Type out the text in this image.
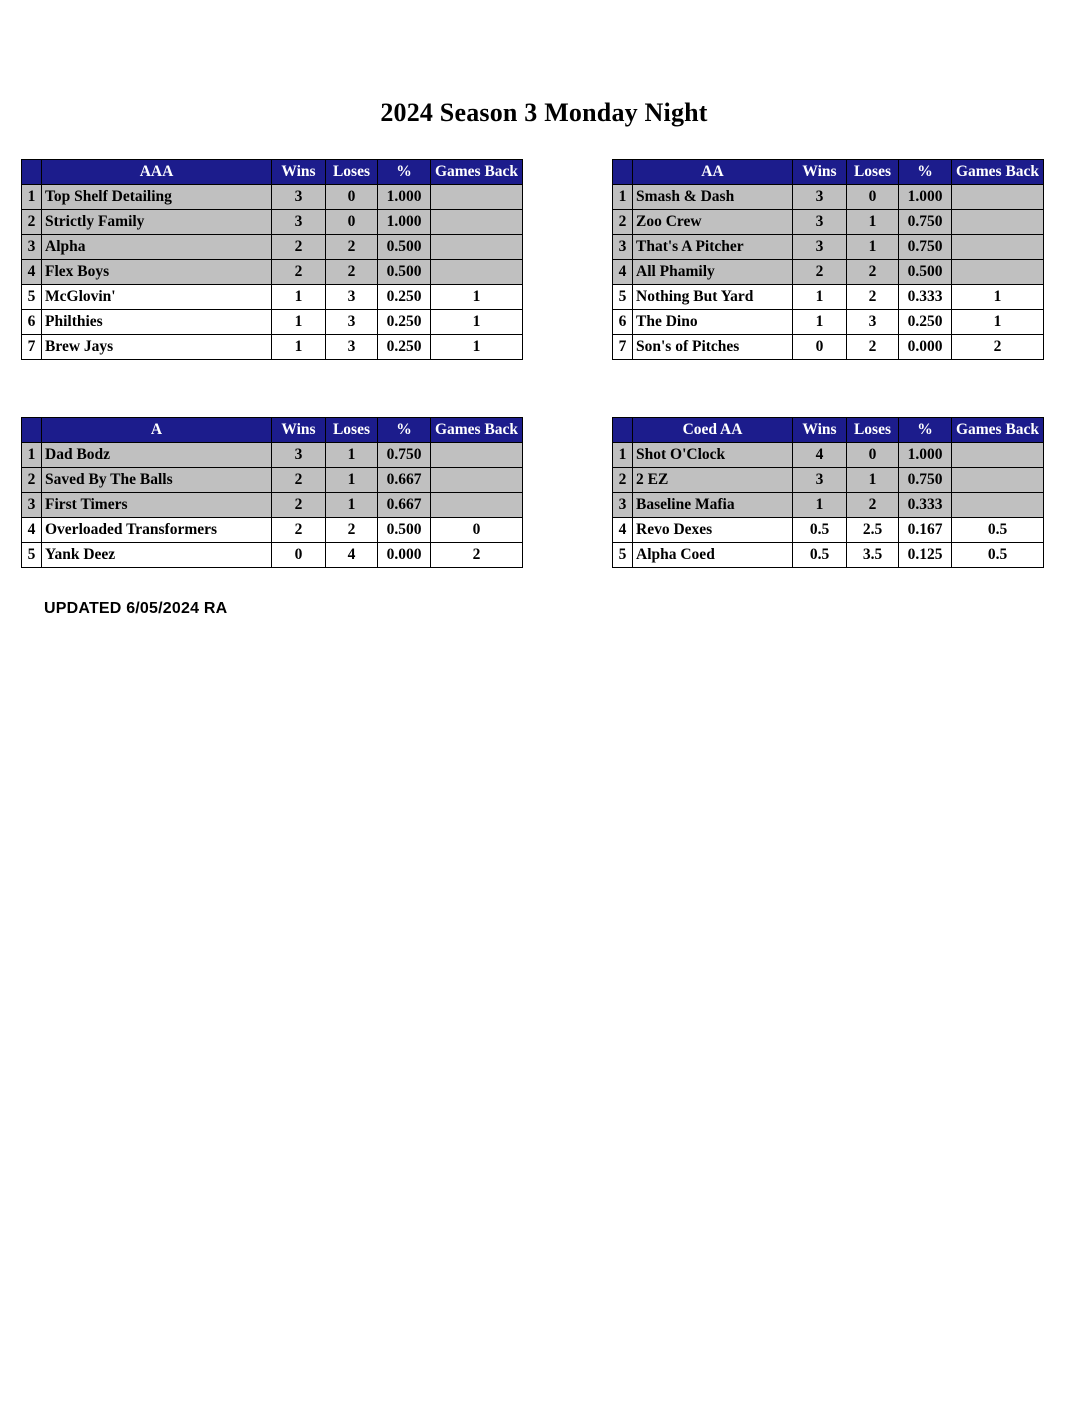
2024 Season 3 Monday Night
	AAA	Wins	Loses	%	Games Back
1	Top Shelf Detailing	3	0	1.000	
2	Strictly Family	3	0	1.000	
3	Alpha	2	2	0.500	
4	Flex Boys	2	2	0.500	
5	McGlovin'	1	3	0.250	1
6	Philthies	1	3	0.250	1
7	Brew Jays	1	3	0.250	1
	AA	Wins	Loses	%	Games Back
1	Smash & Dash	3	0	1.000	
2	Zoo Crew	3	1	0.750	
3	That's A Pitcher	3	1	0.750	
4	All Phamily	2	2	0.500	
5	Nothing But Yard	1	2	0.333	1
6	The Dino	1	3	0.250	1
7	Son's of Pitches	0	2	0.000	2
	A	Wins	Loses	%	Games Back
1	Dad Bodz	3	1	0.750	
2	Saved By The Balls	2	1	0.667	
3	First Timers	2	1	0.667	
4	Overloaded Transformers	2	2	0.500	0
5	Yank Deez	0	4	0.000	2
	Coed AA	Wins	Loses	%	Games Back
1	Shot O'Clock	4	0	1.000	
2	2 EZ	3	1	0.750	
3	Baseline Mafia	1	2	0.333	
4	Revo Dexes	0.5	2.5	0.167	0.5
5	Alpha Coed	0.5	3.5	0.125	0.5
UPDATED 6/05/2024 RA
